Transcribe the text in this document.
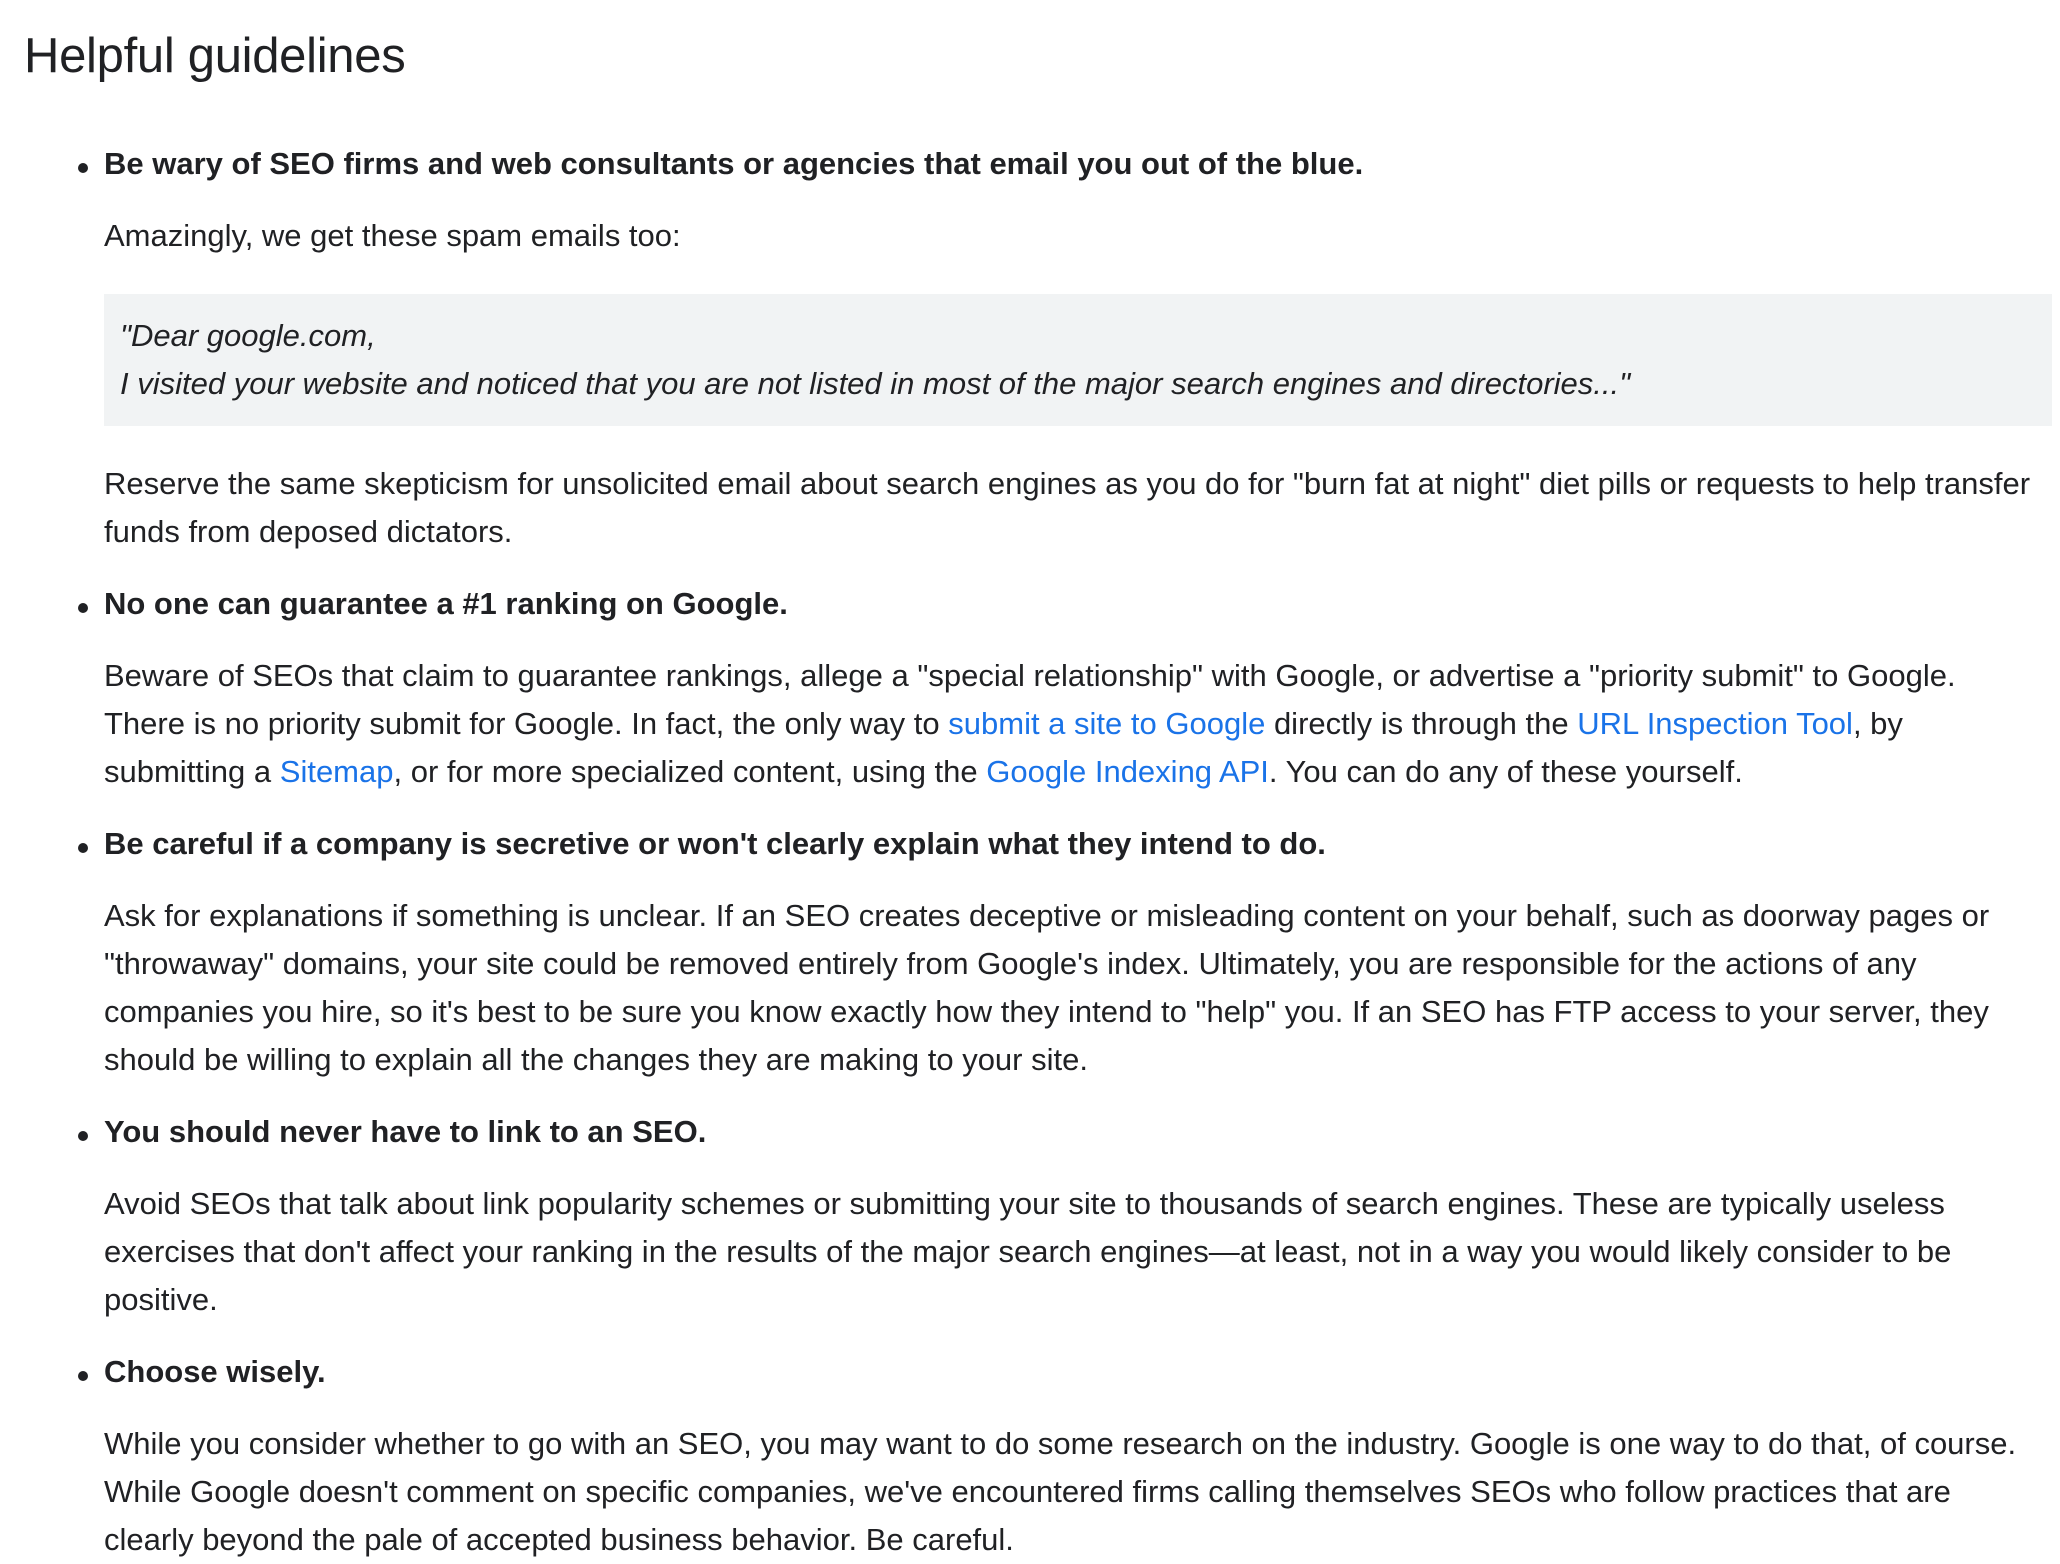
Helpful guidelines
Be wary of SEO firms and web consultants or agencies that email you out of the blue.

Amazingly, we get these spam emails too:

"Dear google.com,
I visited your website and noticed that you are not listed in most of the major search engines and directories..."

Reserve the same skepticism for unsolicited email about search engines as you do for "burn fat at night" diet pills or requests to help transfer funds from deposed dictators.

No one can guarantee a #1 ranking on Google.

Beware of SEOs that claim to guarantee rankings, allege a "special relationship" with Google, or advertise a "priority submit" to Google. There is no priority submit for Google. In fact, the only way to submit a site to Google directly is through the URL Inspection Tool, by submitting a Sitemap, or for more specialized content, using the Google Indexing API. You can do any of these yourself.

Be careful if a company is secretive or won't clearly explain what they intend to do.

Ask for explanations if something is unclear. If an SEO creates deceptive or misleading content on your behalf, such as doorway pages or "throwaway" domains, your site could be removed entirely from Google's index. Ultimately, you are responsible for the actions of any companies you hire, so it's best to be sure you know exactly how they intend to "help" you. If an SEO has FTP access to your server, they should be willing to explain all the changes they are making to your site.

You should never have to link to an SEO.

Avoid SEOs that talk about link popularity schemes or submitting your site to thousands of search engines. These are typically useless exercises that don't affect your ranking in the results of the major search engines—at least, not in a way you would likely consider to be positive.

Choose wisely.

While you consider whether to go with an SEO, you may want to do some research on the industry. Google is one way to do that, of course. While Google doesn't comment on specific companies, we've encountered firms calling themselves SEOs who follow practices that are clearly beyond the pale of accepted business behavior. Be careful.
